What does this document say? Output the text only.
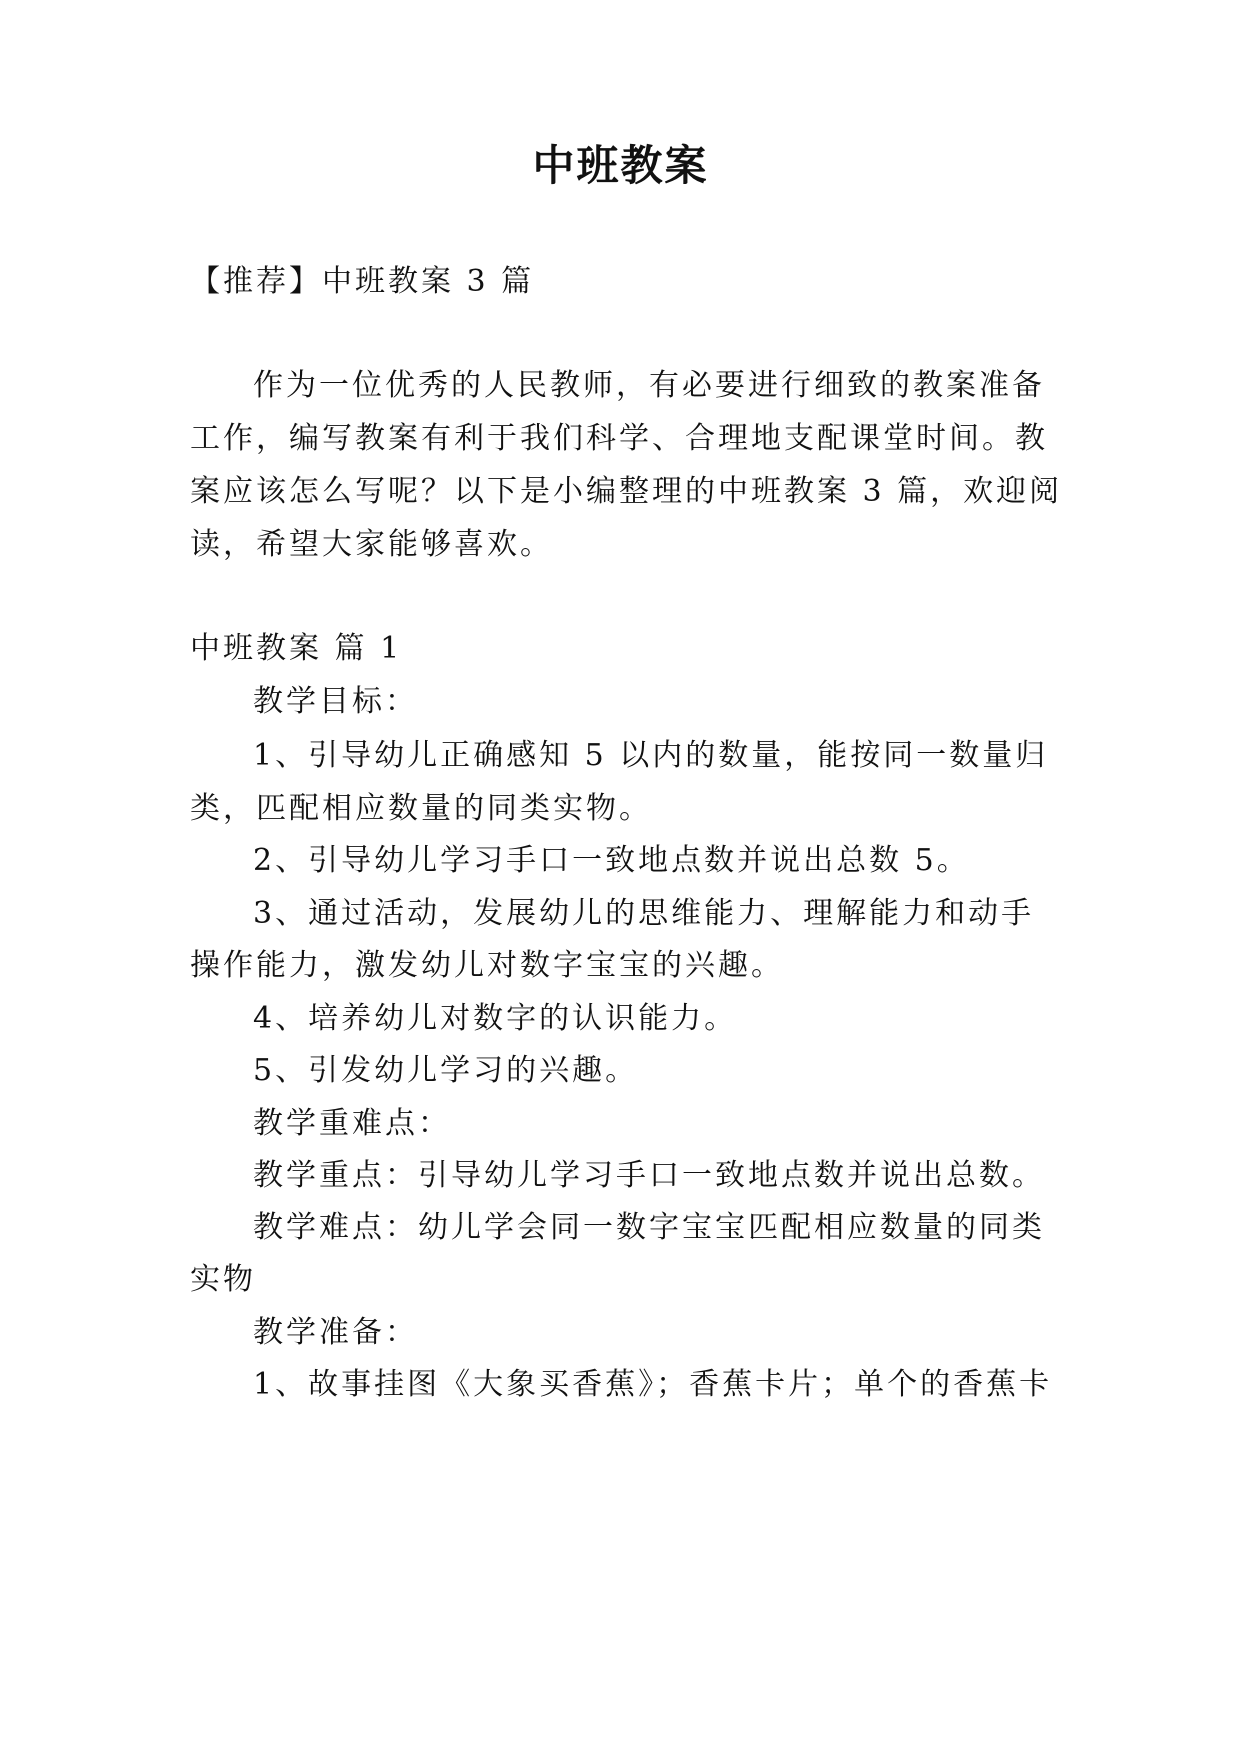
中班教案
【推荐】中班教案 3 篇
作为一位优秀的人民教师，有必要进行细致的教案准备
工作，编写教案有利于我们科学、合理地支配课堂时间。教
案应该怎么写呢？以下是小编整理的中班教案 3 篇，欢迎阅
读，希望大家能够喜欢。
中班教案 篇 1
教学目标：
1、引导幼儿正确感知 5 以内的数量，能按同一数量归
类，匹配相应数量的同类实物。
2、引导幼儿学习手口一致地点数并说出总数 5。
3、通过活动，发展幼儿的思维能力、理解能力和动手
操作能力，激发幼儿对数字宝宝的兴趣。
4、培养幼儿对数字的认识能力。
5、引发幼儿学习的兴趣。
教学重难点：
教学重点：引导幼儿学习手口一致地点数并说出总数。
教学难点：幼儿学会同一数字宝宝匹配相应数量的同类
实物
教学准备：
1、故事挂图《大象买香蕉》；香蕉卡片；单个的香蕉卡
